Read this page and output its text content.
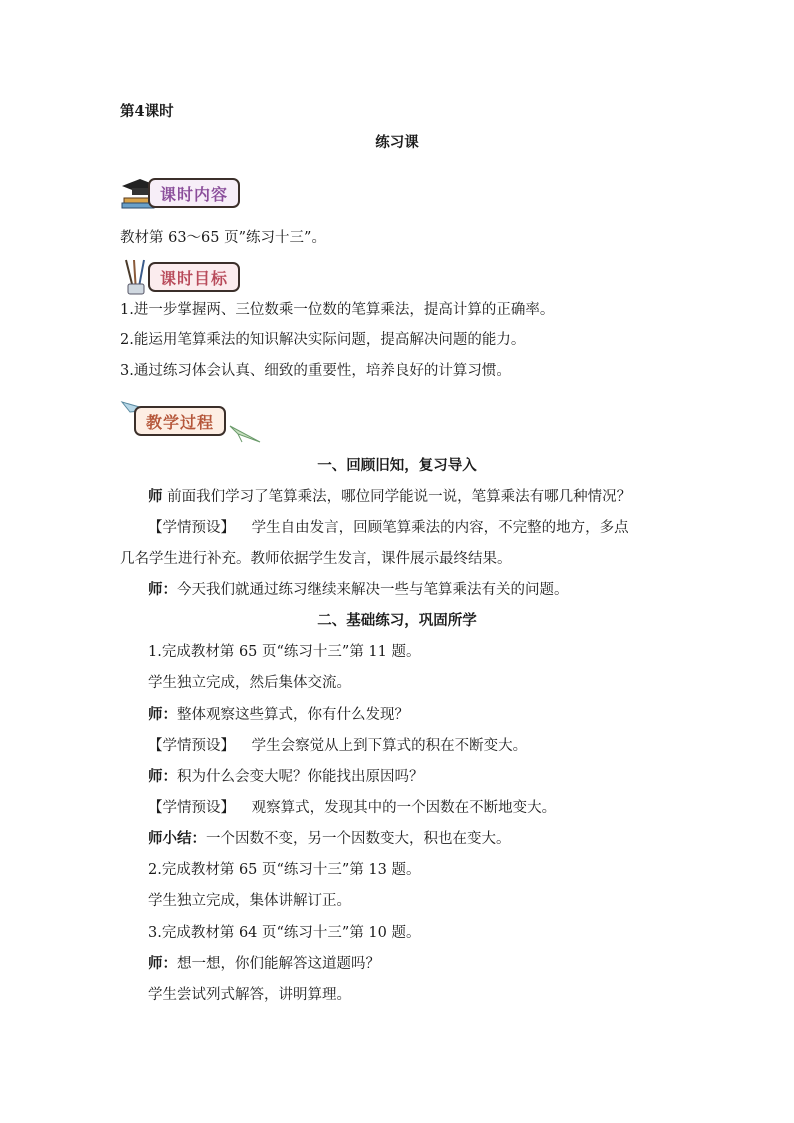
第4课时
练习课
课时内容
教材第 63～65 页”练习十三”。
课时目标
1.进一步掌握两、三位数乘一位数的笔算乘法，提高计算的正确率。
2.能运用笔算乘法的知识解决实际问题，提高解决问题的能力。
3.通过练习体会认真、细致的重要性，培养良好的计算习惯。
教学过程
一、回顾旧知，复习导入
师 前面我们学习了笔算乘法，哪位同学能说一说，笔算乘法有哪几种情况？
【学情预设】 学生自由发言，回顾笔算乘法的内容，不完整的地方，多点
几名学生进行补充。教师依据学生发言，课件展示最终结果。
师：今天我们就通过练习继续来解决一些与笔算乘法有关的问题。
二、基础练习，巩固所学
1.完成教材第 65 页“练习十三”第 11 题。
学生独立完成，然后集体交流。
师：整体观察这些算式，你有什么发现？
【学情预设】 学生会察觉从上到下算式的积在不断变大。
师：积为什么会变大呢？你能找出原因吗？
【学情预设】 观察算式，发现其中的一个因数在不断地变大。
师小结：一个因数不变，另一个因数变大，积也在变大。
2.完成教材第 65 页“练习十三”第 13 题。
学生独立完成，集体讲解订正。
3.完成教材第 64 页“练习十三”第 10 题。
师：想一想，你们能解答这道题吗？
学生尝试列式解答，讲明算理。
